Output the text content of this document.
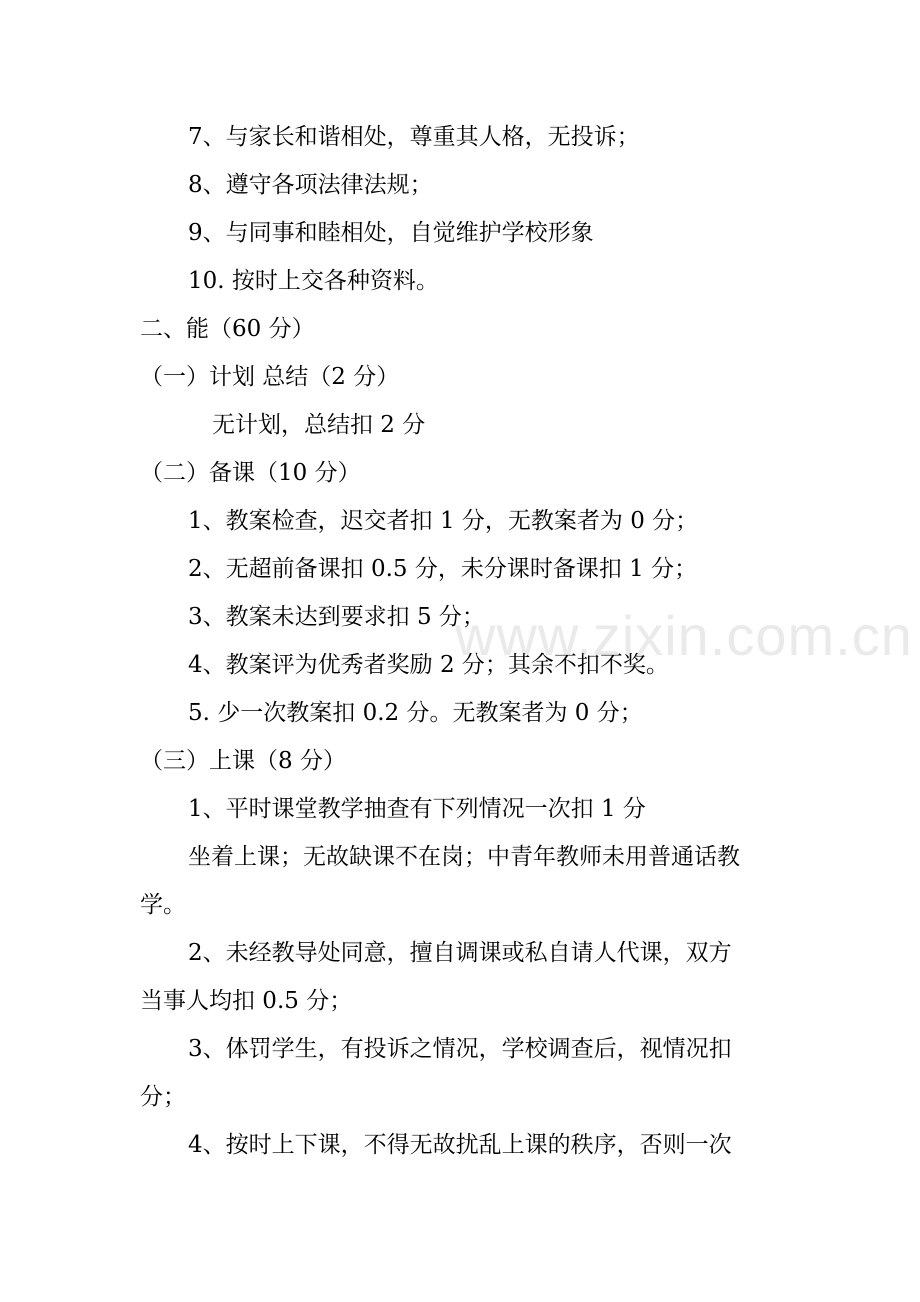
7、与家长和谐相处，尊重其人格，无投诉；
8、遵守各项法律法规；
9、与同事和睦相处，自觉维护学校形象
10. 按时上交各种资料。
二、能（60 分）
（一）计划 总结（2 分）
无计划，总结扣 2 分
（二）备课（10 分）
1、教案检查，迟交者扣 1 分，无教案者为 0 分；
2、无超前备课扣 0.5 分，未分课时备课扣 1 分；
3、教案未达到要求扣 5 分；
4、教案评为优秀者奖励 2 分；其余不扣不奖。
5. 少一次教案扣 0.2 分。无教案者为 0 分；
（三）上课（8 分）
1、平时课堂教学抽查有下列情况一次扣 1 分
坐着上课；无故缺课不在岗；中青年教师未用普通话教
学。
2、未经教导处同意，擅自调课或私自请人代课，双方
当事人均扣 0.5 分；
3、体罚学生，有投诉之情况，学校调查后，视情况扣
分；
4、按时上下课，不得无故扰乱上课的秩序，否则一次
www.zixin.com.cn
